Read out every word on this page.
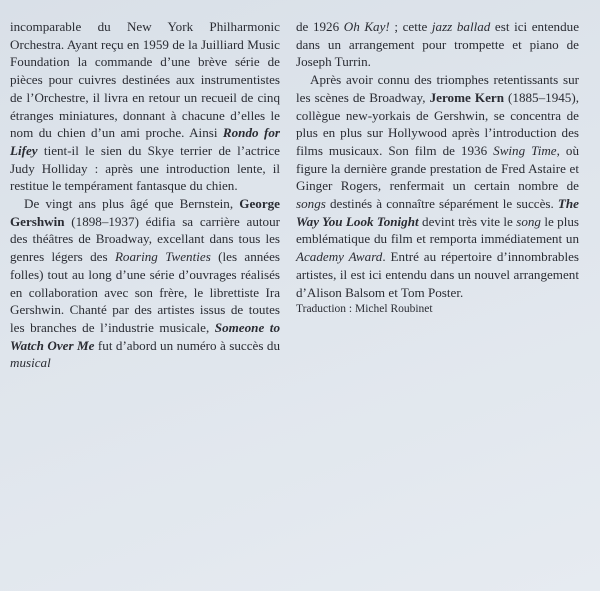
incomparable du New York Philharmonic Orchestra. Ayant reçu en 1959 de la Juilliard Music Foundation la commande d’une brève série de pièces pour cuivres destinées aux instrumentistes de l’Orchestre, il livra en retour un recueil de cinq étranges miniatures, donnant à chacune d’elles le nom du chien d’un ami proche. Ainsi Rondo for Lifey tient-il le sien du Skye terrier de l’actrice Judy Holliday : après une introduction lente, il restitue le tempérament fantasque du chien.

De vingt ans plus âgé que Bernstein, George Gershwin (1898–1937) édifia sa carrière autour des théâtres de Broadway, excellant dans tous les genres légers des Roaring Twenties (les années folles) tout au long d’une série d’ouvrages réalisés en collaboration avec son frère, le librettiste Ira Gershwin. Chanté par des artistes issus de toutes les branches de l’industrie musicale, Someone to Watch Over Me fut d’abord un numéro à succès du musical

de 1926 Oh Kay! ; cette jazz ballad est ici entendue dans un arrangement pour trompette et piano de Joseph Turrin.

Après avoir connu des triomphes retentissants sur les scènes de Broadway, Jerome Kern (1885–1945), collègue new-yorkais de Gershwin, se concentra de plus en plus sur Hollywood après l’introduction des films musicaux. Son film de 1936 Swing Time, où figure la dernière grande prestation de Fred Astaire et Ginger Rogers, renfermait un certain nombre de songs destinés à connaître séparément le succès. The Way You Look Tonight devint très vite le song le plus emblématique du film et remporta immédiatement un Academy Award. Entré au répertoire d’innombrables artistes, il est ici entendu dans un nouvel arrangement d’Alison Balsom et Tom Poster.

Traduction : Michel Roubinet
